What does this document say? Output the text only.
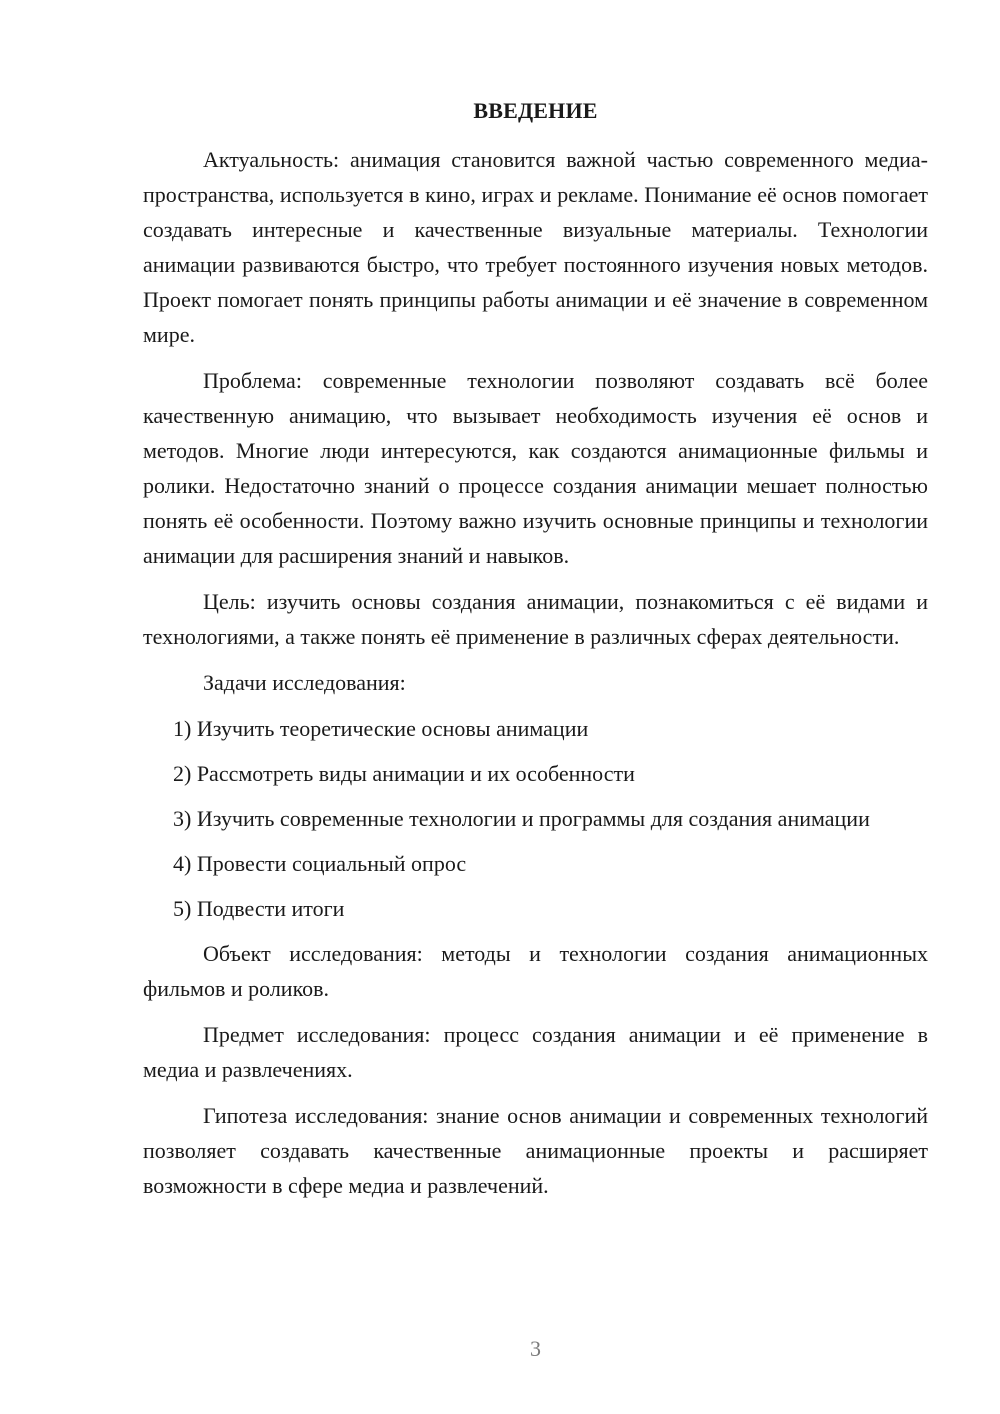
ВВЕДЕНИЕ

Актуальность: анимация становится важной частью современного медиа-пространства, используется в кино, играх и рекламе. Понимание её основ помогает создавать интересные и качественные визуальные материалы. Технологии анимации развиваются быстро, что требует постоянного изучения новых методов. Проект помогает понять принципы работы анимации и её значение в современном мире.

Проблема: современные технологии позволяют создавать всё более качественную анимацию, что вызывает необходимость изучения её основ и методов. Многие люди интересуются, как создаются анимационные фильмы и ролики. Недостаточно знаний о процессе создания анимации мешает полностью понять её особенности. Поэтому важно изучить основные принципы и технологии анимации для расширения знаний и навыков.

Цель: изучить основы создания анимации, познакомиться с её видами и технологиями, а также понять её применение в различных сферах деятельности.

Задачи исследования:

1) Изучить теоретические основы анимации

2) Рассмотреть виды анимации и их особенности

3) Изучить современные технологии и программы для создания анимации

4) Провести социальный опрос

5) Подвести итоги

Объект исследования: методы и технологии создания анимационных фильмов и роликов.

Предмет исследования: процесс создания анимации и её применение в медиа и развлечениях.

Гипотеза исследования: знание основ анимации и современных технологий позволяет создавать качественные анимационные проекты и расширяет возможности в сфере медиа и развлечений.

3
